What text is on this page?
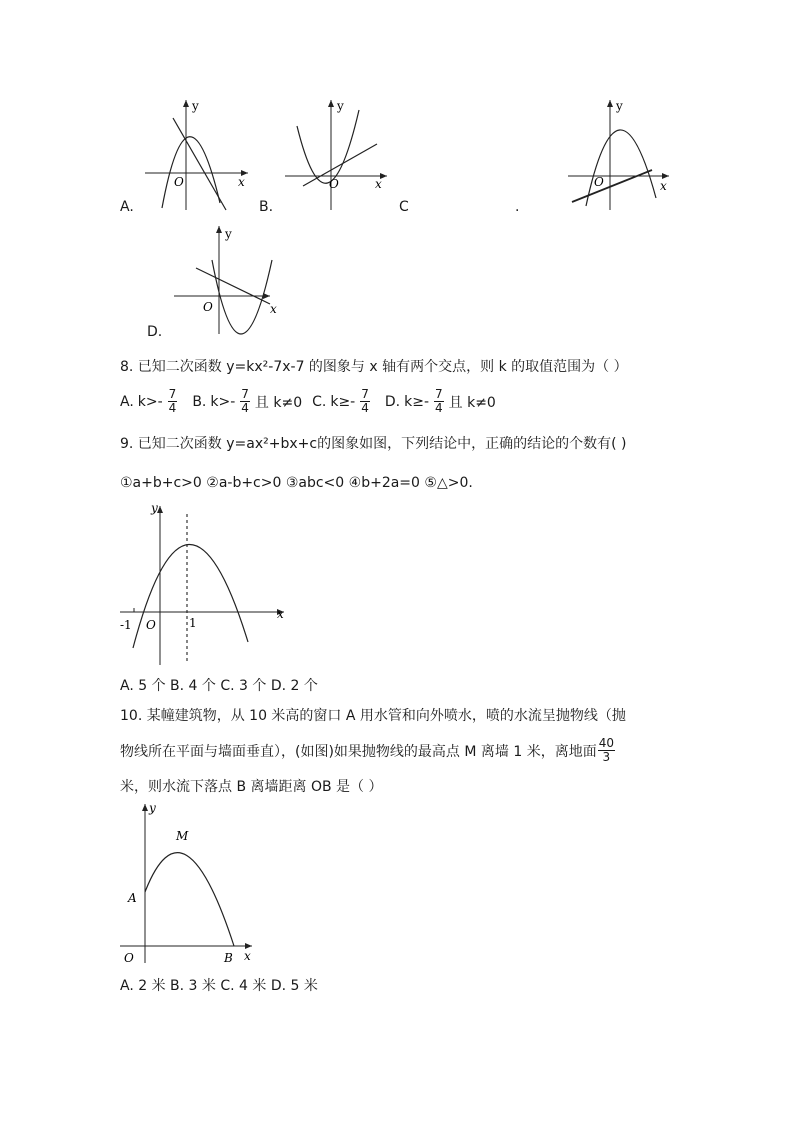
y
x
O
A.
y
x
O
B.
y
x
O
C	.
y
x
O
D.
8. 已知二次函数 y=kx²-7x-7 的图象与 x 轴有两个交点，则 k 的取值范围为（ ）
A. $k>- \frac{7}{4} B$. $k>- \frac{7}{4}$ 且 k≠0 C. $k\ge- \frac{7}{4} D$. $k\ge- \frac{7}{4}$ 且 k≠0
9. 已知二次函数 y=ax²+bx+c的图象如图，下列结论中，正确的结论的个数有( )
①a+b+c>0 ②a-b+c>0 ③abc<0 ④b+2a=0 ⑤△>0.
y
x
-1 O	1
A. 5 个 B. 4 个 C. 3 个 D. 2 个
10. 某幢建筑物，从 10 米高的窗口 A 用水管和向外喷水，喷的水流呈抛物线（抛
物线所在平面与墙面垂直），(如图)如果抛物线的最高点 M 离墙 1 米，离地面 $\frac{40}{3}$
米，则水流下落点 B 离墙距离 OB 是（ ）
y
x
O
A
B
M
A. 2 米 B. 3 米 C. 4 米 D. 5 米
